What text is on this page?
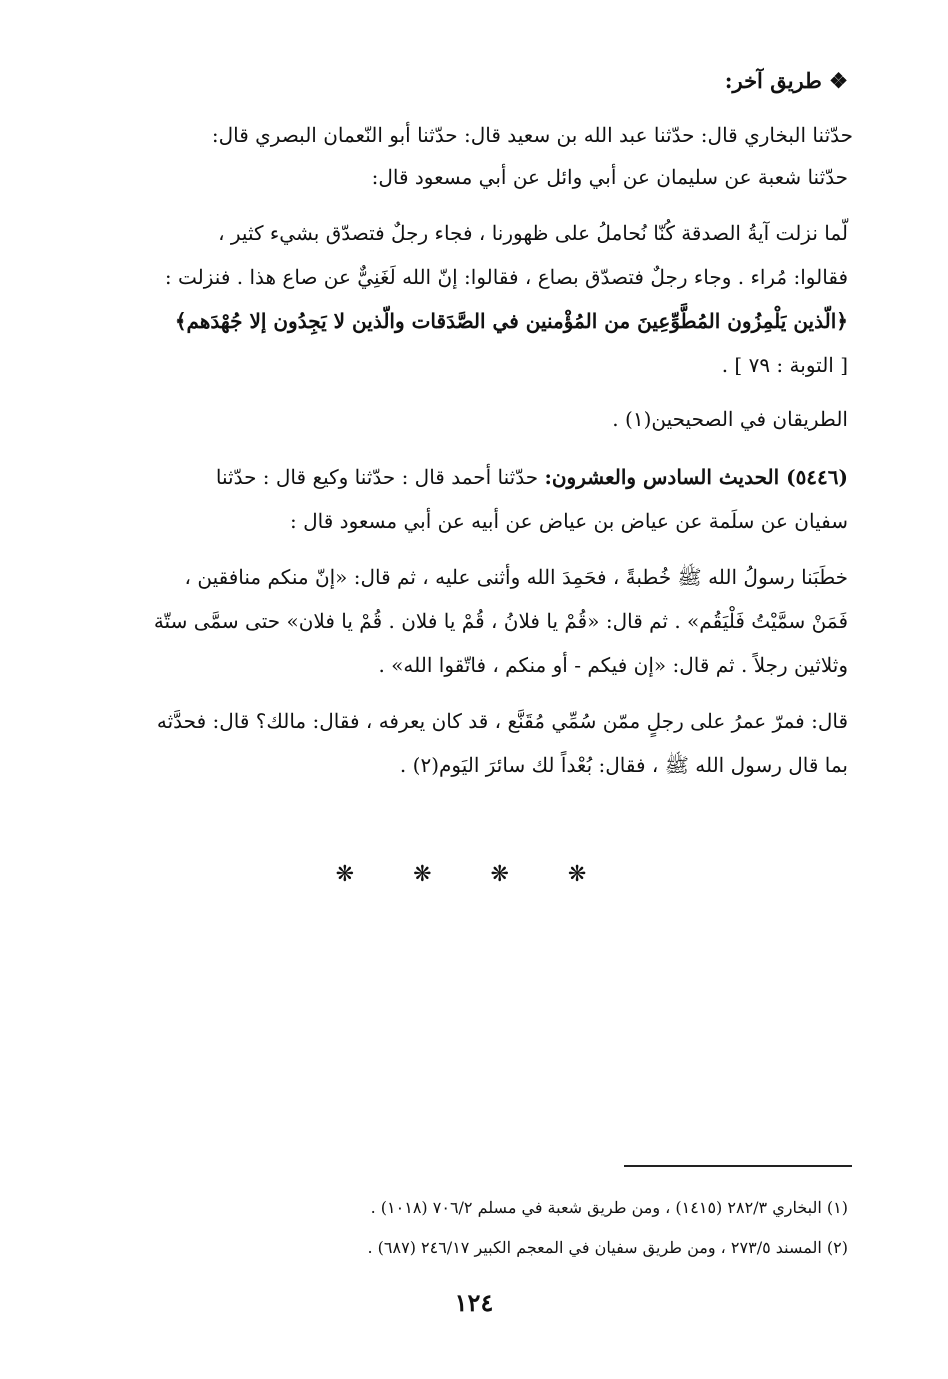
❖ طريق آخر:
حدّثنا البخاري قال: حدّثنا عبد الله بن سعيد قال: حدّثنا أبو النّعمان البصري قال:
حدّثنا شعبة عن سليمان عن أبي وائل عن أبي مسعود قال:
لّما نزلت آيةُ الصدقة كُنّا نُحاملُ على ظهورنا ، فجاء رجلٌ فتصدّق بشيء كثير ،
فقالوا: مُراء . وجاء رجلٌ فتصدّق بصاع ، فقالوا: إنّ الله لَغَنِيٌّ عن صاع هذا . فنزلت :
﴿الّذين يَلْمِزُون المُطَّوِّعِينَ من المُؤْمنين في الصَّدَقات والّذين لا يَجِدُون إلا جُهْدَهم﴾
[ التوبة : ٧٩ ] .
الطريقان في الصحيحين(١) .
(٥٤٤٦) الحديث السادس والعشرون: حدّثنا أحمد قال : حدّثنا وكيع قال : حدّثنا
سفيان عن سلَمة عن عياض بن عياض عن أبيه عن أبي مسعود قال :
خطَبَنا رسولُ الله ﷺ خُطبةً ، فحَمِدَ الله وأثنى عليه ، ثم قال: «إنّ منكم منافقين ،
فَمَنْ سمَّيْتُ فَلْيَقُم» . ثم قال: «قُمْ يا فلانُ ، قُمْ يا فلان . قُمْ يا فلان» حتى سمَّى ستّة
وثلاثين رجلاً . ثم قال: «إن فيكم - أو منكم ، فاتّقوا الله» .
قال: فمرّ عمرُ على رجلٍ ممّن سُمِّي مُقَنَّع ، قد كان يعرفه ، فقال: مالك؟ قال: فحدَّثه
بما قال رسول الله ﷺ ، فقال: بُعْداً لك سائرَ اليَوم(٢) .
❋ ❋ ❋ ❋
(١) البخاري ٢٨٢/٣ (١٤١٥) ، ومن طريق شعبة في مسلم ٧٠٦/٢ (١٠١٨) .
(٢) المسند ٢٧٣/٥ ، ومن طريق سفيان في المعجم الكبير ٢٤٦/١٧ (٦٨٧) .
١٢٤
